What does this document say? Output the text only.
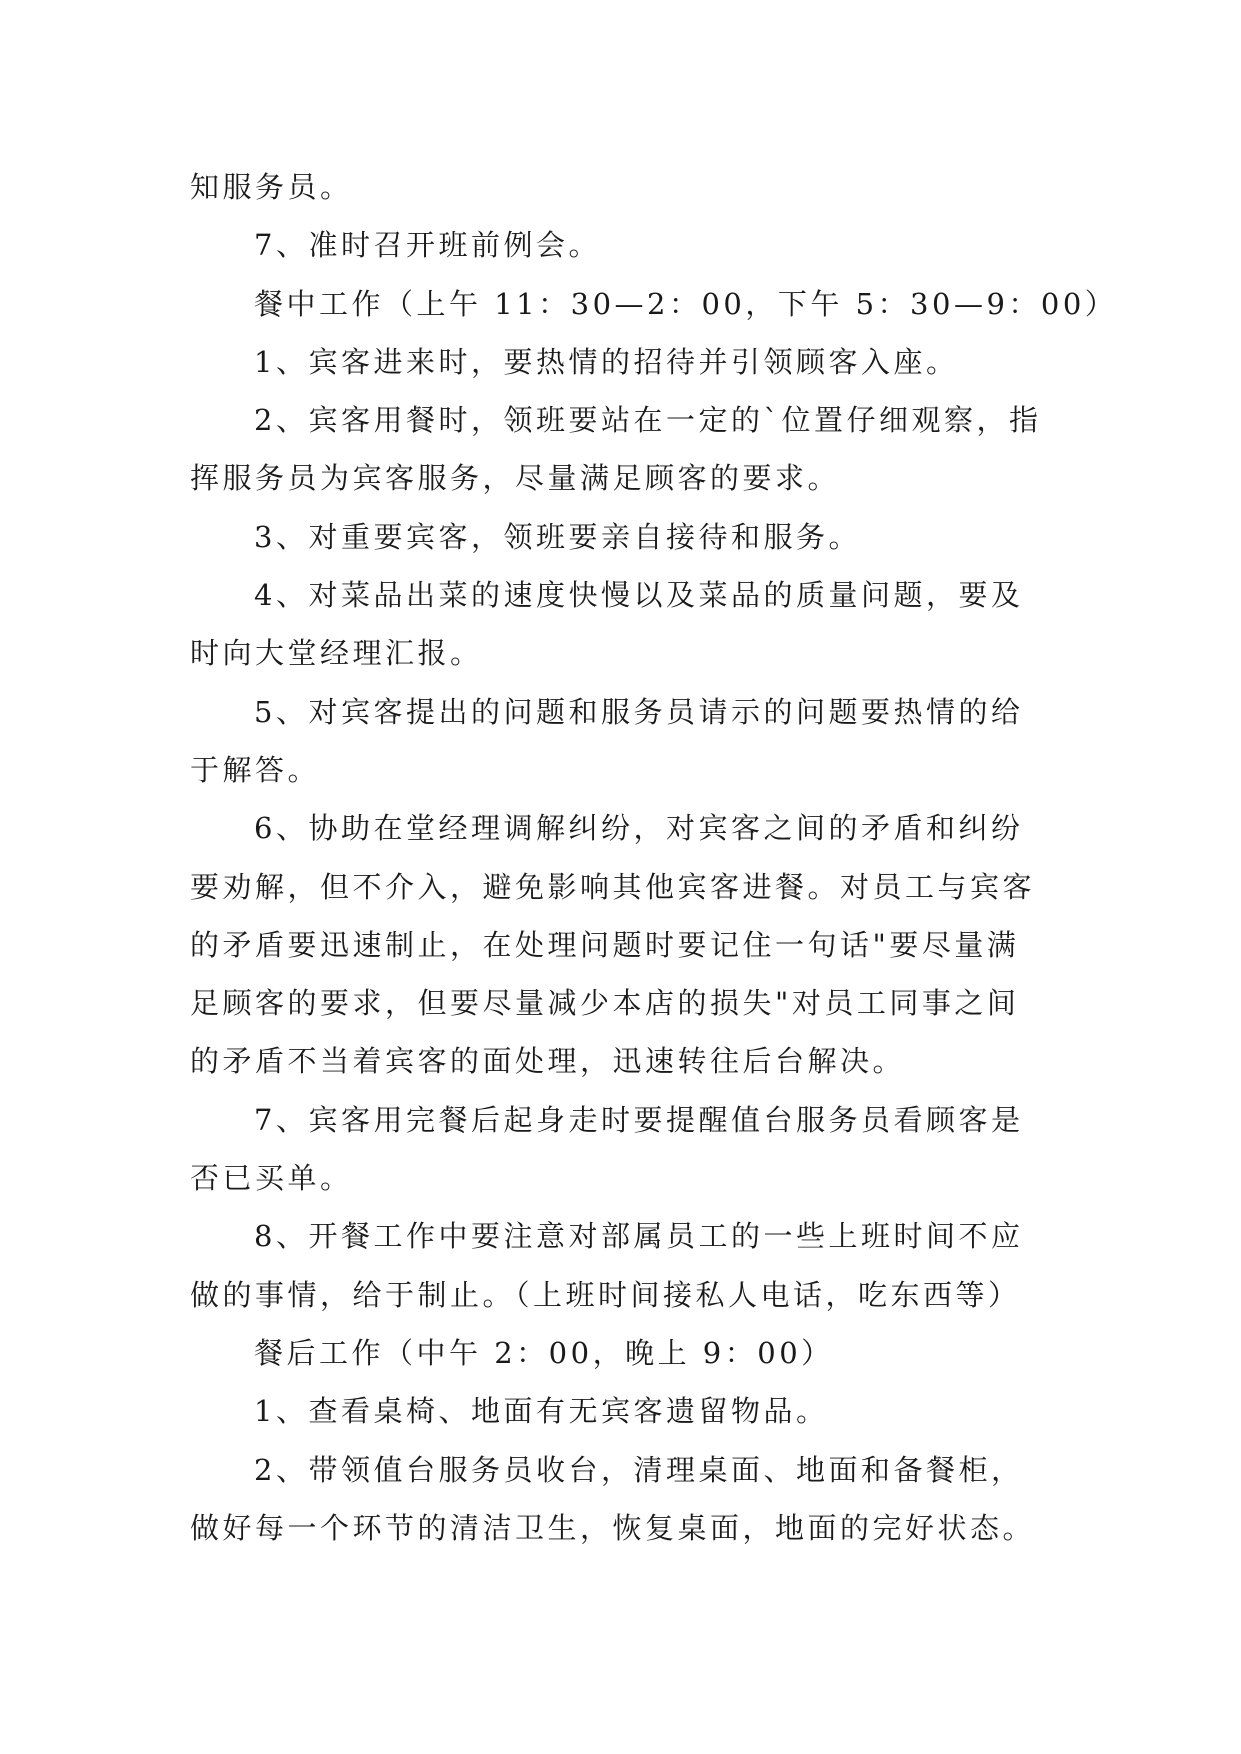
知服务员。

7、准时召开班前例会。

餐中工作（上午 11：30—2：00，下午 5：30—9：00）

1、宾客进来时，要热情的招待并引领顾客入座。

2、宾客用餐时，领班要站在一定的`位置仔细观察，指

挥服务员为宾客服务，尽量满足顾客的要求。

3、对重要宾客，领班要亲自接待和服务。

4、对菜品出菜的速度快慢以及菜品的质量问题，要及

时向大堂经理汇报。

5、对宾客提出的问题和服务员请示的问题要热情的给

于解答。

6、协助在堂经理调解纠纷，对宾客之间的矛盾和纠纷

要劝解，但不介入，避免影响其他宾客进餐。对员工与宾客

的矛盾要迅速制止，在处理问题时要记住一句话"要尽量满

足顾客的要求，但要尽量减少本店的损失"对员工同事之间

的矛盾不当着宾客的面处理，迅速转往后台解决。

7、宾客用完餐后起身走时要提醒值台服务员看顾客是

否已买单。

8、开餐工作中要注意对部属员工的一些上班时间不应

做的事情，给于制止。（上班时间接私人电话，吃东西等）

餐后工作（中午 2：00，晚上 9：00）

1、查看桌椅、地面有无宾客遗留物品。

2、带领值台服务员收台，清理桌面、地面和备餐柜，

做好每一个环节的清洁卫生，恢复桌面，地面的完好状态。
